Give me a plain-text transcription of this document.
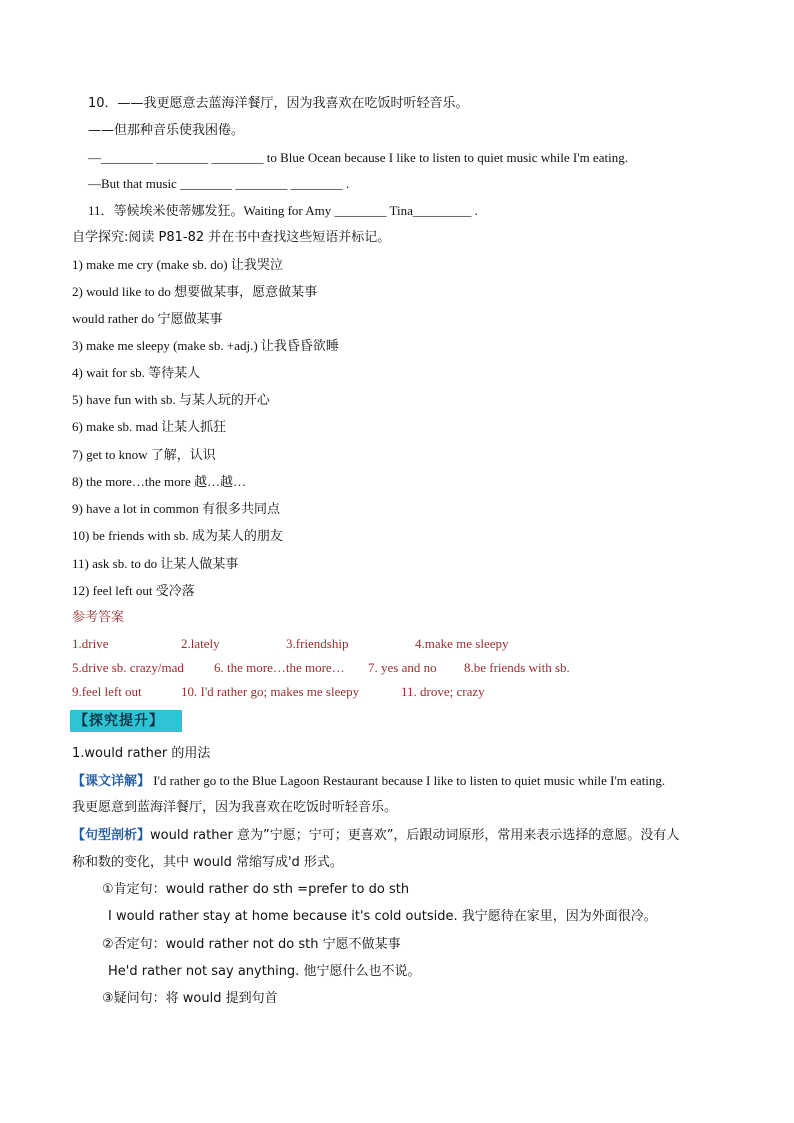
10．——我更愿意去蓝海洋餐厅，因为我喜欢在吃饭时听轻音乐。
——但那种音乐使我困倦。
—________ ________ ________ to Blue Ocean because I like to listen to quiet music while I'm eating.
—But that music ________ ________ ________ .
11．等候埃米使蒂娜发狂。Waiting for Amy ________ Tina_________ .
自学探究:阅读 P81-82 并在书中查找这些短语并标记。
1) make me cry (make sb. do) 让我哭泣
2) would like to do 想要做某事，愿意做某事
would rather do 宁愿做某事
3) make me sleepy (make sb. +adj.) 让我昏昏欲睡
4) wait for sb. 等待某人
5) have fun with sb. 与某人玩的开心
6) make sb. mad 让某人抓狂
7) get to know 了解，认识
8) the more…the more 越…越…
9) have a lot in common 有很多共同点
10) be friends with sb. 成为某人的朋友
11) ask sb. to do 让某人做某事
12) feel left out 受冷落
参考答案
1.drive	2.lately	3.friendship	4.make me sleepy
5.drive sb. crazy/mad 6. the more…the more… 7. yes and no 8.be friends with sb.
9.feel left out	10. I'd rather go; makes me sleepy	11. drove; crazy
【探究提升】
1.would rather 的用法
【课文详解】 I'd rather go to the Blue Lagoon Restaurant because I like to listen to quiet music while I'm eating.
我更愿意到蓝海洋餐厅，因为我喜欢在吃饭时听轻音乐。
【句型剖析】would rather 意为”宁愿；宁可；更喜欢”，后跟动词原形，常用来表示选择的意愿。没有人
称和数的变化，其中 would 常缩写成'd 形式。
①肯定句：would rather do sth =prefer to do sth
I would rather stay at home because it's cold outside. 我宁愿待在家里，因为外面很冷。
②否定句：would rather not do sth 宁愿不做某事
He'd rather not say anything. 他宁愿什么也不说。
③疑问句：将 would 提到句首
